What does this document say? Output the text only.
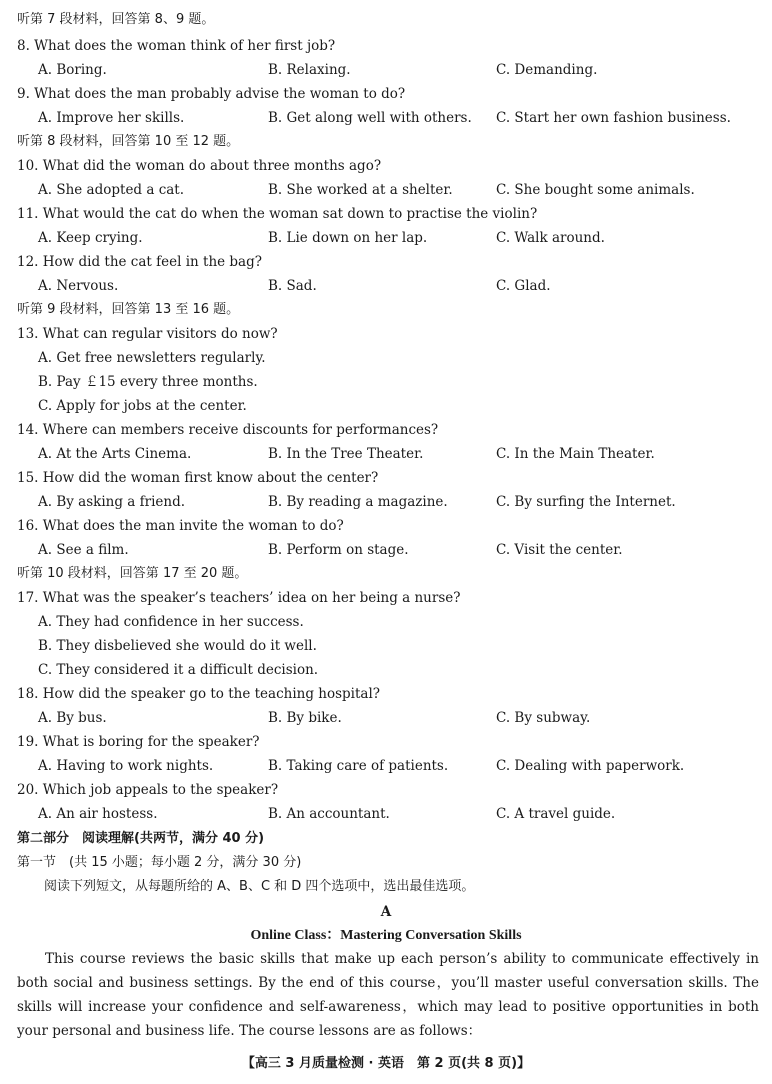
听第 7 段材料，回答第 8、9 题。
8. What does the woman think of her first job?
A. Boring.	B. Relaxing.	C. Demanding.
9. What does the man probably advise the woman to do?
A. Improve her skills.	B. Get along well with others. C. Start her own fashion business.
听第 8 段材料，回答第 10 至 12 题。
10. What did the woman do about three months ago?
A. She adopted a cat.	B. She worked at a shelter.	C. She bought some animals.
11. What would the cat do when the woman sat down to practise the violin?
A. Keep crying.	B. Lie down on her lap.	C. Walk around.
12. How did the cat feel in the bag?
A. Nervous.	B. Sad.	C. Glad.
听第 9 段材料，回答第 13 至 16 题。
13. What can regular visitors do now?
A. Get free newsletters regularly.
B. Pay ￡15 every three months.
C. Apply for jobs at the center.
14. Where can members receive discounts for performances?
A. At the Arts Cinema.	B. In the Tree Theater.	C. In the Main Theater.
15. How did the woman first know about the center?
A. By asking a friend.	B. By reading a magazine.	C. By surfing the Internet.
16. What does the man invite the woman to do?
A. See a film.	B. Perform on stage.	C. Visit the center.
听第 10 段材料，回答第 17 至 20 题。
17. What was the speaker’s teachers’ idea on her being a nurse?
A. They had confidence in her success.
B. They disbelieved she would do it well.
C. They considered it a difficult decision.
18. How did the speaker go to the teaching hospital?
A. By bus.	B. By bike.	C. By subway.
19. What is boring for the speaker?
A. Having to work nights.	B. Taking care of patients.	C. Dealing with paperwork.
20. Which job appeals to the speaker?
A. An air hostess.	B. An accountant.	C. A travel guide.
第二部分　阅读理解(共两节，满分 40 分)
第一节　(共 15 小题；每小题 2 分，满分 30 分)
阅读下列短文，从每题所给的 A、B、C 和 D 四个选项中，选出最佳选项。
A
Online Class：Mastering Conversation Skills
This course reviews the basic skills that make up each person’s ability to communicate effectively in both social and business settings. By the end of this course，you’ll master useful conversation skills. The skills will increase your confidence and self-awareness，which may lead to positive opportunities in both your personal and business life. The course lessons are as follows：
【高三 3 月质量检测 · 英语　第 2 页(共 8 页)】
